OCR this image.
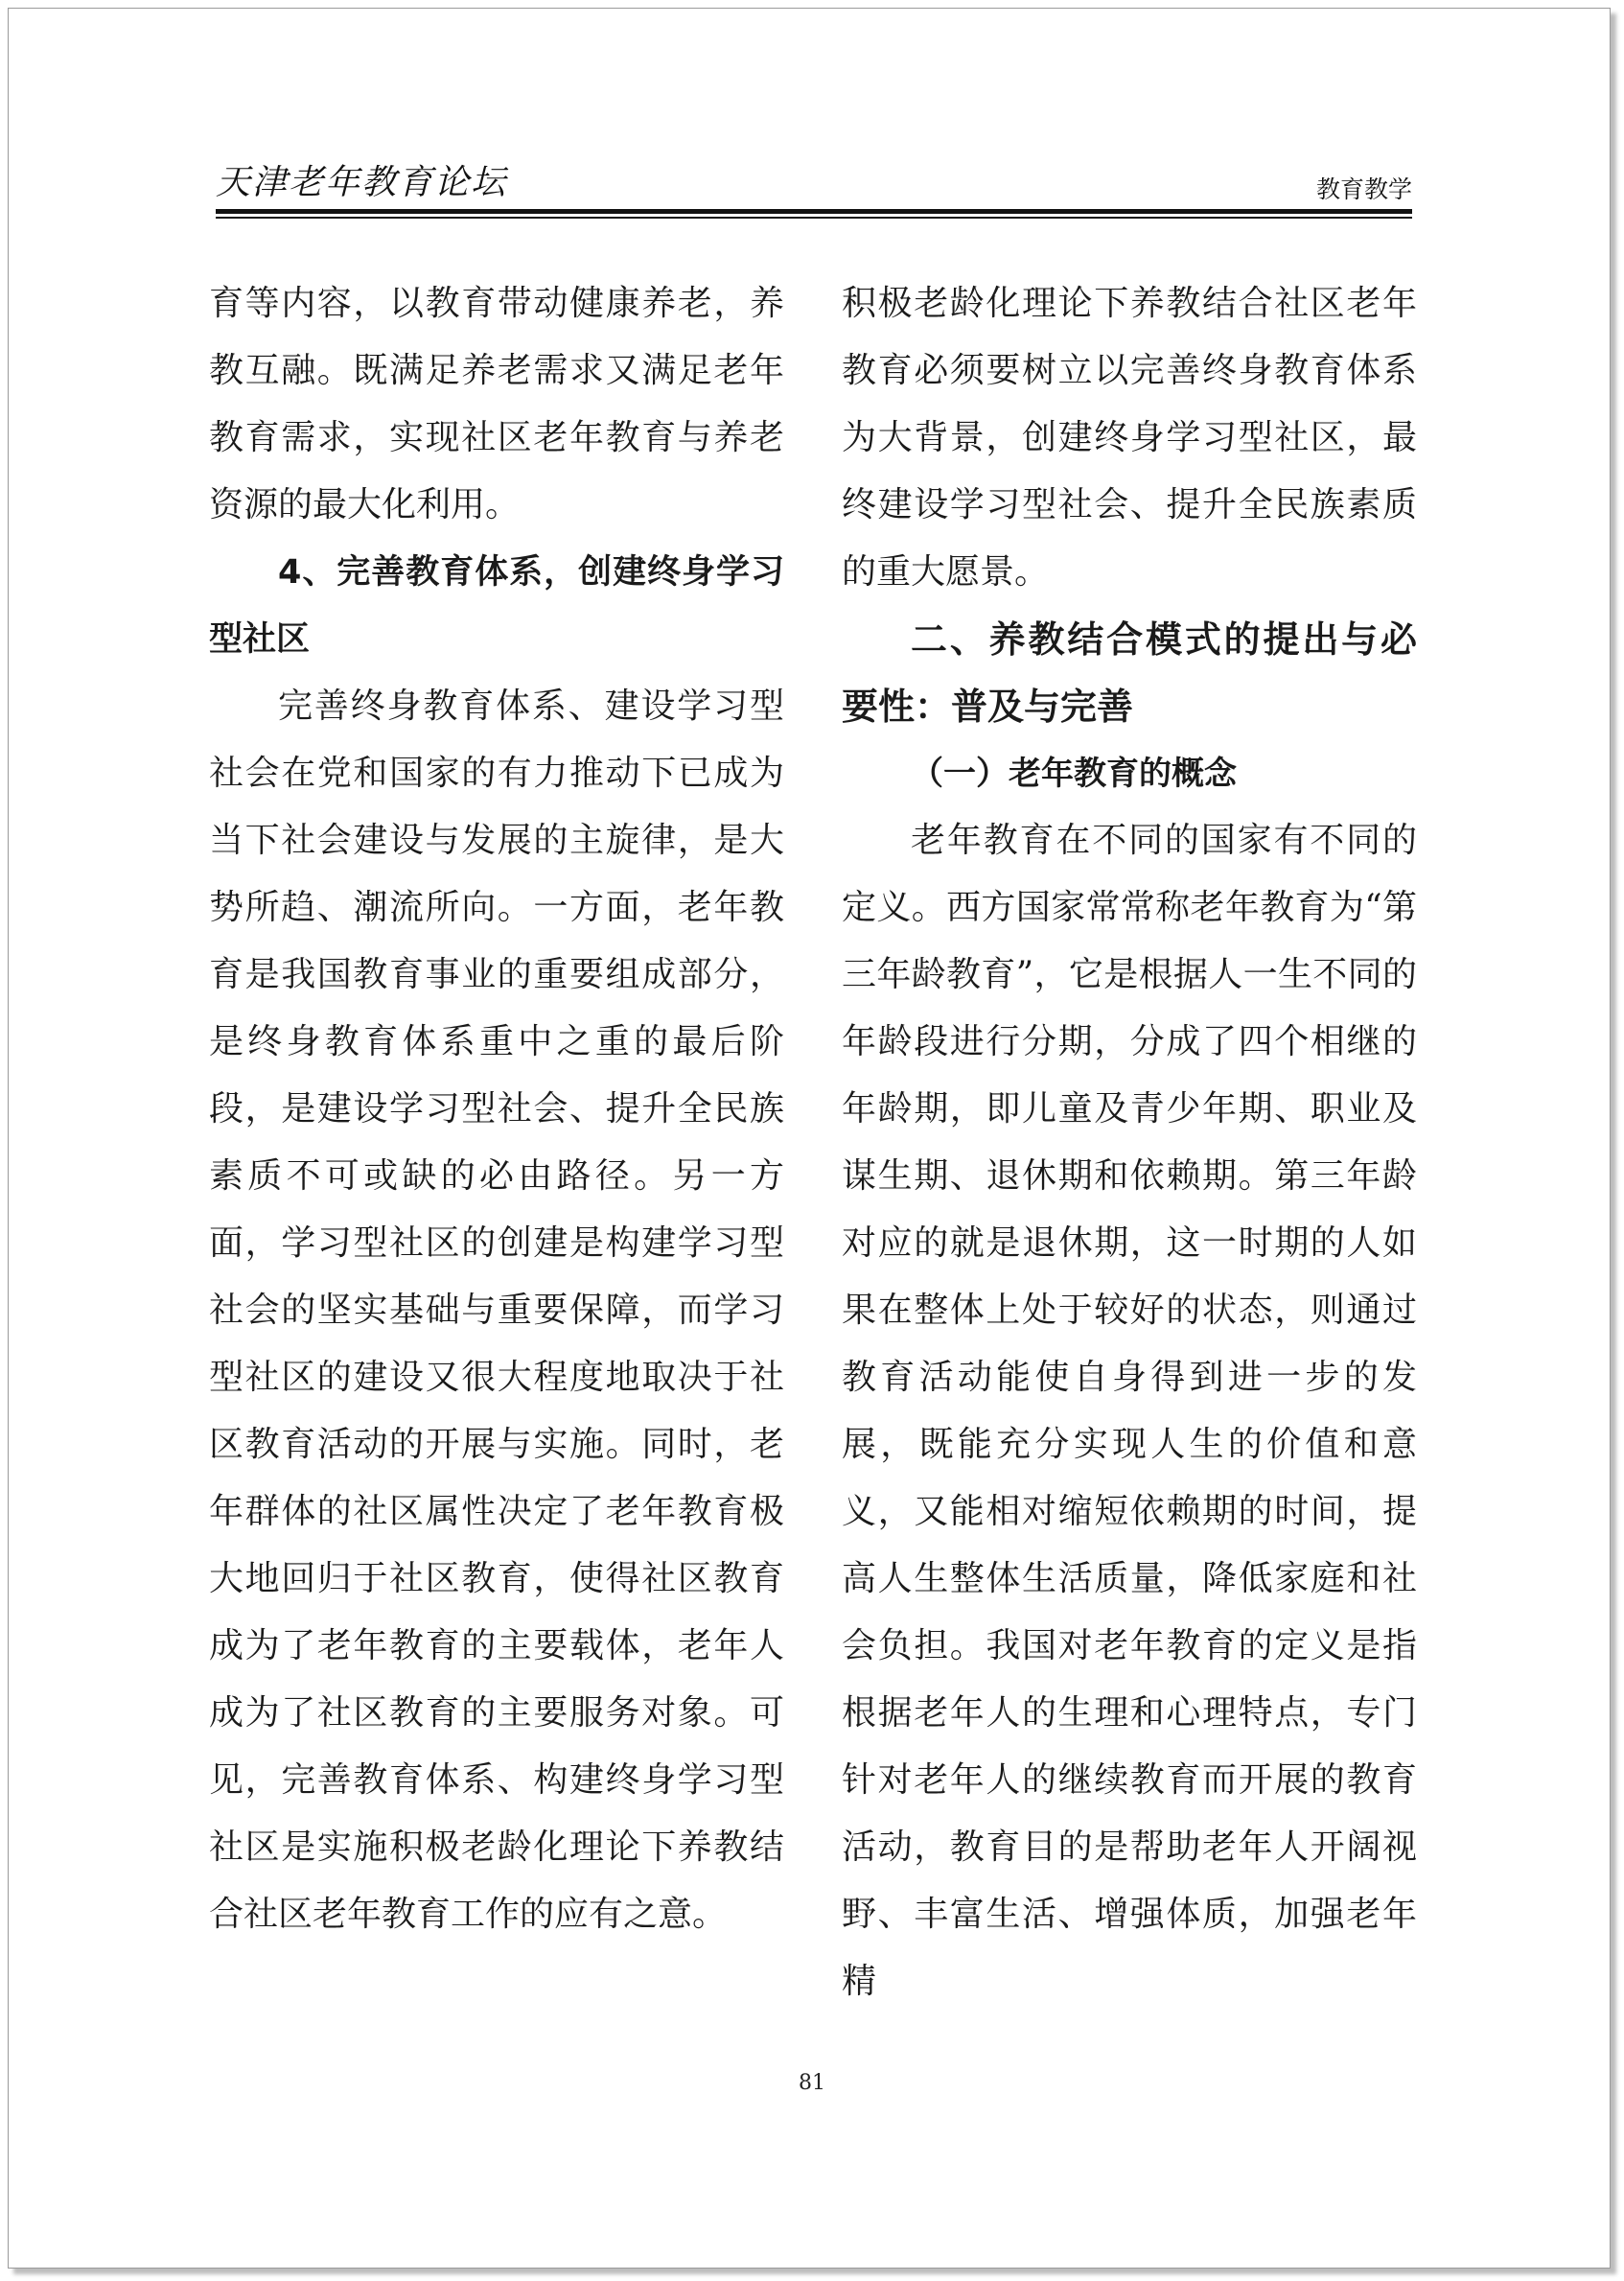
天津老年教育论坛	教育教学

育等内容，以教育带动健康养老，养教互融。既满足养老需求又满足老年教育需求，实现社区老年教育与养老资源的最大化利用。

4、完善教育体系，创建终身学习型社区

完善终身教育体系、建设学习型社会在党和国家的有力推动下已成为当下社会建设与发展的主旋律，是大势所趋、潮流所向。一方面，老年教育是我国教育事业的重要组成部分，是终身教育体系重中之重的最后阶段，是建设学习型社会、提升全民族素质不可或缺的必由路径。另一方面，学习型社区的创建是构建学习型社会的坚实基础与重要保障，而学习型社区的建设又很大程度地取决于社区教育活动的开展与实施。同时，老年群体的社区属性决定了老年教育极大地回归于社区教育，使得社区教育成为了老年教育的主要载体，老年人成为了社区教育的主要服务对象。可见，完善教育体系、构建终身学习型社区是实施积极老龄化理论下养教结合社区老年教育工作的应有之意。

积极老龄化理论下养教结合社区老年教育必须要树立以完善终身教育体系为大背景，创建终身学习型社区，最终建设学习型社会、提升全民族素质的重大愿景。

二、养教结合模式的提出与必要性：普及与完善

（一）老年教育的概念

老年教育在不同的国家有不同的定义。西方国家常常称老年教育为“第三年龄教育”，它是根据人一生不同的年龄段进行分期，分成了四个相继的年龄期，即儿童及青少年期、职业及谋生期、退休期和依赖期。第三年龄对应的就是退休期，这一时期的人如果在整体上处于较好的状态，则通过教育活动能使自身得到进一步的发展，既能充分实现人生的价值和意义，又能相对缩短依赖期的时间，提高人生整体生活质量，降低家庭和社会负担。我国对老年教育的定义是指根据老年人的生理和心理特点，专门针对老年人的继续教育而开展的教育活动，教育目的是帮助老年人开阔视野、丰富生活、增强体质，加强老年精

81
